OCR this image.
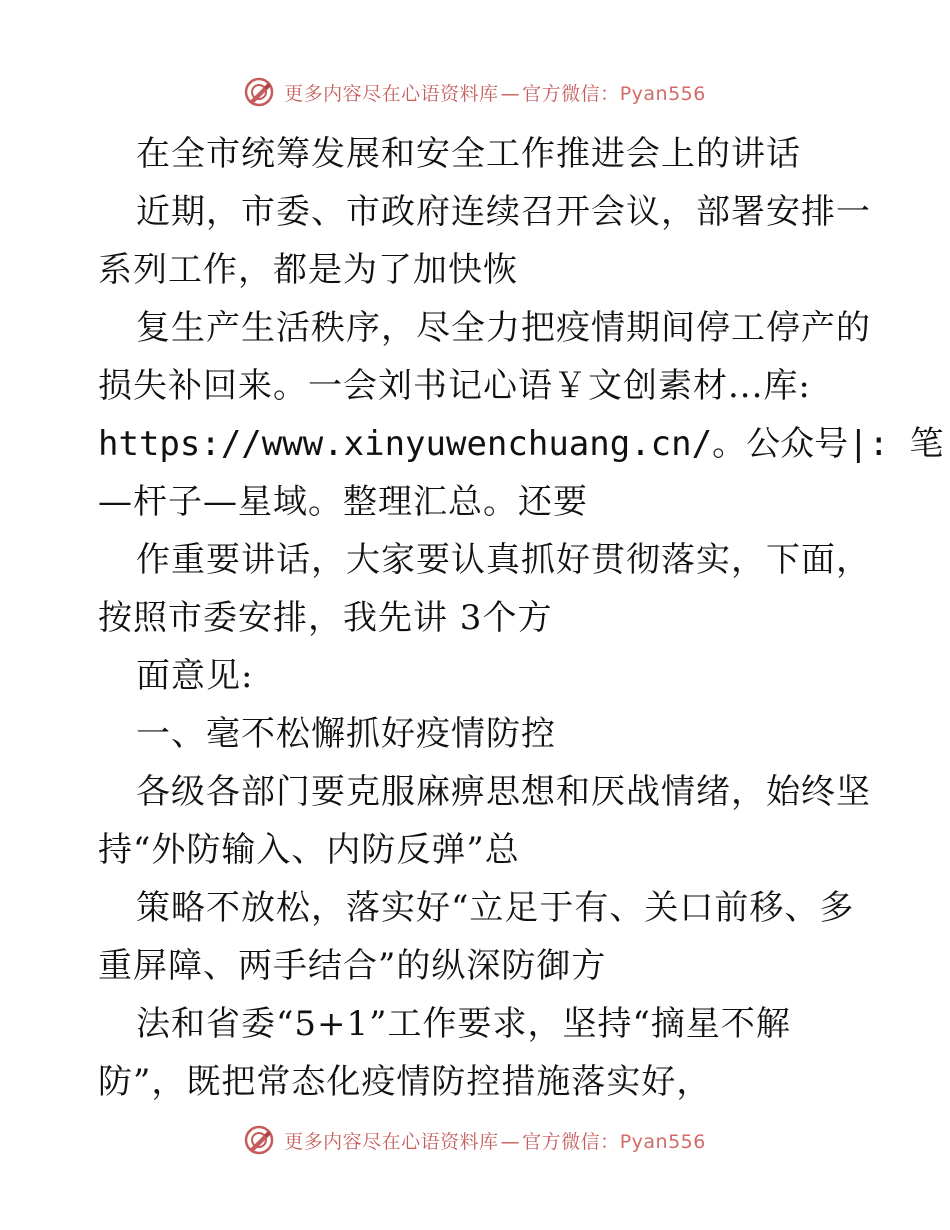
更多内容尽在心语资料库 — 官方微信：Pyan556
在全市统筹发展和安全工作推进会上的讲话
近期，市委、市政府连续召开会议，部署安排一
系列工作，都是为了加快恢
复生产生活秩序，尽全力把疫情期间停工停产的
损失补回来。一会刘书记心语￥文创素材...库:
https://www.xinyuwenchuang.cn/。公众号|: 笔
—杆子—星域。整理汇总。还要
作重要讲话，大家要认真抓好贯彻落实，下面，
按照市委安排，我先讲 3个方
面意见:
一、毫不松懈抓好疫情防控
各级各部门要克服麻痹思想和厌战情绪，始终坚
持“外防输入、内防反弹”总
策略不放松，落实好“立足于有、关口前移、多
重屏障、两手结合”的纵深防御方
法和省委“5+1”工作要求，坚持“摘星不解
防”，既把常态化疫情防控措施落实好，
更多内容尽在心语资料库 — 官方微信：Pyan556
